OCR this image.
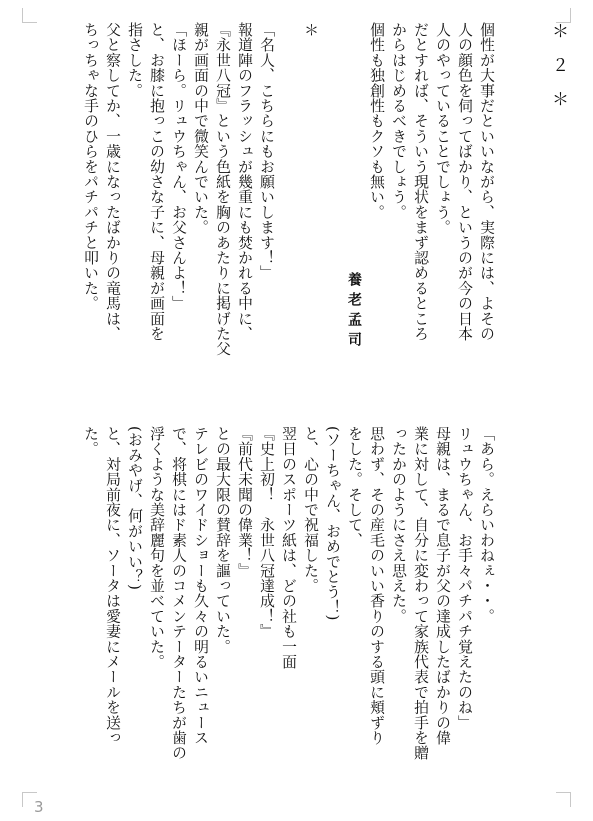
＊　２　＊
個性が大事だといいながら、実際には、よその
人の顔色を伺ってばかり、というのが今の日本
人のやっていることでしょう。
だとすれば、そういう現状をまず認めるところ
からはじめるべきでしょう。
個性も独創性もクソも無い。
養老孟司
＊
「名人、こちらにもお願いします！」
報道陣のフラッシュが幾重にも焚かれる中に、
『永世八冠』という色紙を胸のあたりに掲げた父
親が画面の中で微笑んでいた。
「ほーら。リュウちゃん、お父さんよ！」
と、お膝に抱っこの幼さな子に、母親が画面を
指さした。
父と察してか、一歳になったばかりの竜馬は、
ちっちゃな手のひらをパチパチと叩いた。
「あら。えらいわねぇ・・。
リュウちゃん、お手々パチパチ覚えたのね」
母親は、まるで息子が父の達成したばかりの偉
業に対して、自分に変わって家族代表で拍手を贈
ったかのようにさえ思えた。
思わず、その産毛のいい香りのする頭に頬ずり
をした。そして、
(ソーちゃん、おめでとう！)
と、心の中で祝福した。
翌日のスポーツ紙は、どの社も一面
『史上初！　永世八冠達成！』
『前代未聞の偉業！』
との最大限の賛辞を謳っていた。
テレビのワイドショーも久々の明るいニュース
で、将棋にはド素人のコメンテーターたちが歯の
浮くような美辞麗句を並べていた。
(おみやげ、何がいい？)
と、対局前夜に、ソータは愛妻にメールを送っ
た。
3
